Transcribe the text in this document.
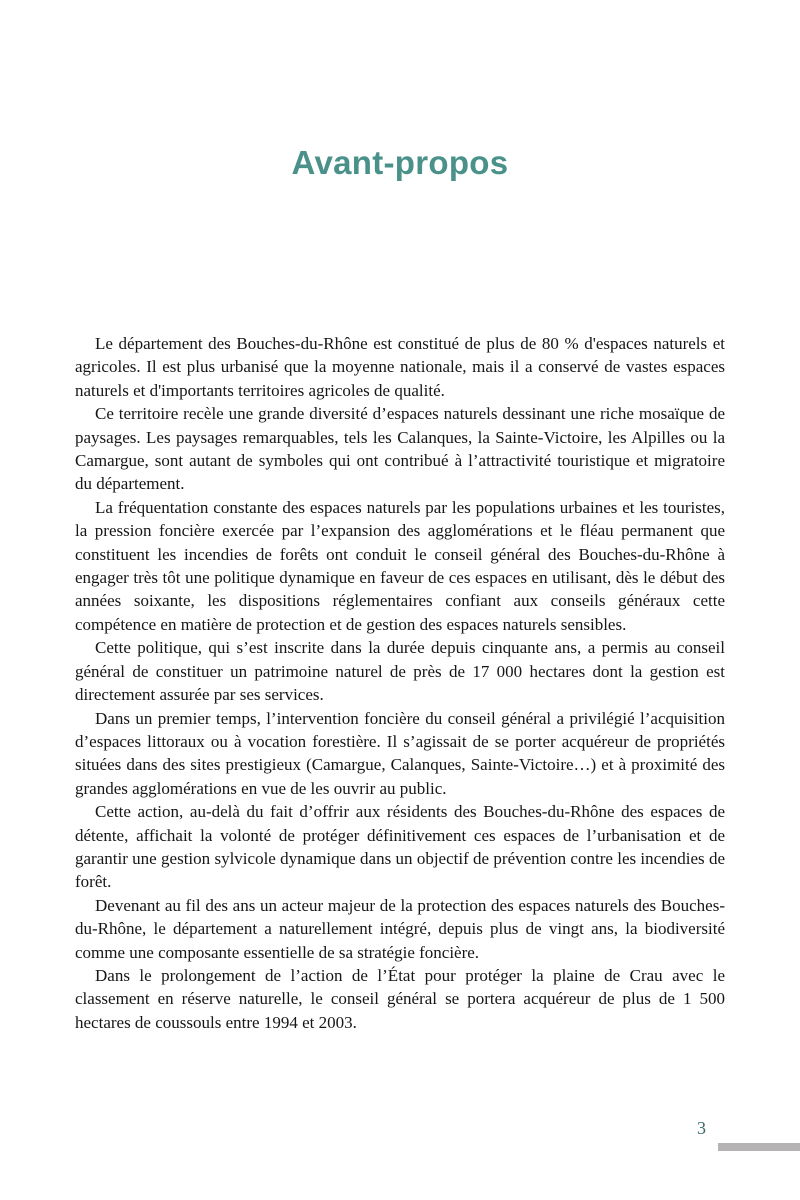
Avant-propos

Le département des Bouches-du-Rhône est constitué de plus de 80 % d'espaces naturels et agricoles. Il est plus urbanisé que la moyenne nationale, mais il a conservé de vastes espaces naturels et d'importants territoires agricoles de qualité.

Ce territoire recèle une grande diversité d’espaces naturels dessinant une riche mosaïque de paysages. Les paysages remarquables, tels les Calanques, la Sainte-Victoire, les Alpilles ou la Camargue, sont autant de symboles qui ont contribué à l’attractivité touristique et migratoire du département.

La fréquentation constante des espaces naturels par les populations urbaines et les touristes, la pression foncière exercée par l’expansion des agglomérations et le fléau permanent que constituent les incendies de forêts ont conduit le conseil général des Bouches-du-Rhône à engager très tôt une politique dynamique en faveur de ces espaces en utilisant, dès le début des années soixante, les dispositions réglementaires confiant aux conseils généraux cette compétence en matière de protection et de gestion des espaces naturels sensibles.

Cette politique, qui s’est inscrite dans la durée depuis cinquante ans, a permis au conseil général de constituer un patrimoine naturel de près de 17 000 hectares dont la gestion est directement assurée par ses services.

Dans un premier temps, l’intervention foncière du conseil général a privilégié l’acquisition d’espaces littoraux ou à vocation forestière. Il s’agissait de se porter acquéreur de propriétés situées dans des sites prestigieux (Camargue, Calanques, Sainte-Victoire…) et à proximité des grandes agglomérations en vue de les ouvrir au public.

Cette action, au-delà du fait d’offrir aux résidents des Bouches-du-Rhône des espaces de détente, affichait la volonté de protéger définitivement ces espaces de l’urbanisation et de garantir une gestion sylvicole dynamique dans un objectif de prévention contre les incendies de forêt.

Devenant au fil des ans un acteur majeur de la protection des espaces naturels des Bouches-du-Rhône, le département a naturellement intégré, depuis plus de vingt ans, la biodiversité comme une composante essentielle de sa stratégie foncière.

Dans le prolongement de l’action de l’État pour protéger la plaine de Crau avec le classement en réserve naturelle, le conseil général se portera acquéreur de plus de 1 500 hectares de coussouls entre 1994 et 2003.

3
